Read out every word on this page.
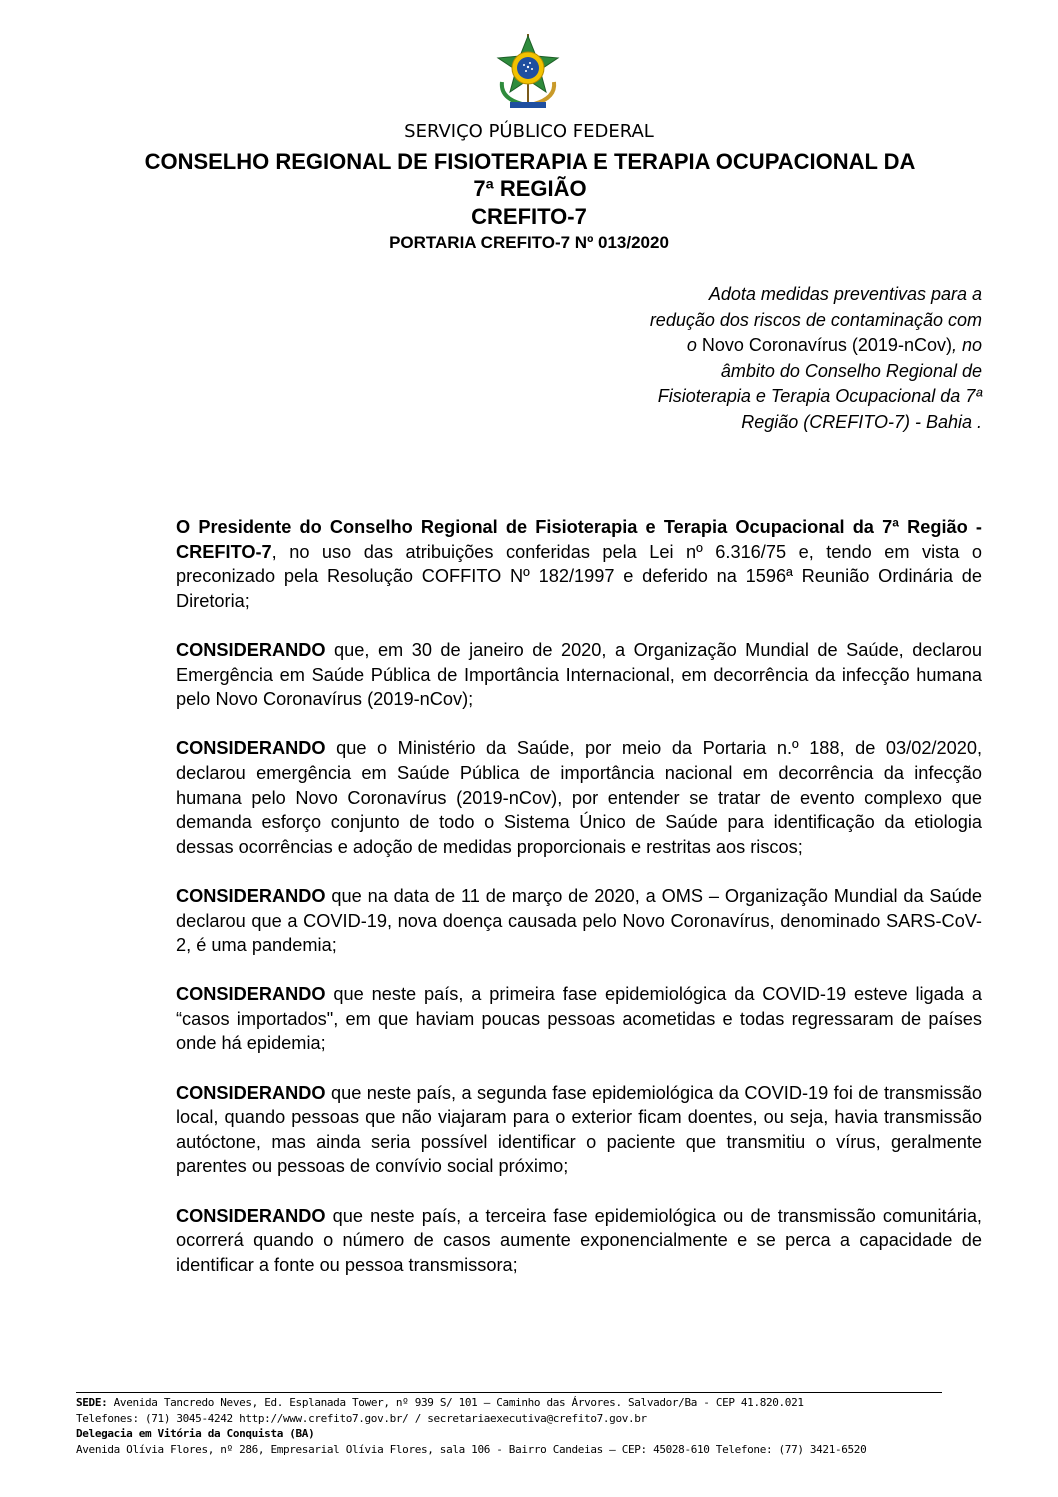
SERVIÇO PÚBLICO FEDERAL
CONSELHO REGIONAL DE FISIOTERAPIA E TERAPIA OCUPACIONAL DA
7ª REGIÃO
CREFITO-7
PORTARIA CREFITO-7 Nº 013/2020
Adota medidas preventivas para a
redução dos riscos de contaminação com
o Novo Coronavírus (2019-nCov), no
âmbito do Conselho Regional de
Fisioterapia e Terapia Ocupacional da 7ª
Região (CREFITO-7) - Bahia .

O Presidente do Conselho Regional de Fisioterapia e Terapia Ocupacional da 7ª Região - CREFITO-7, no uso das atribuições conferidas pela Lei nº 6.316/75 e, tendo em vista o preconizado pela Resolução COFFITO Nº 182/1997 e deferido na 1596ª Reunião Ordinária de Diretoria;

CONSIDERANDO que, em 30 de janeiro de 2020, a Organização Mundial de Saúde, declarou Emergência em Saúde Pública de Importância Internacional, em decorrência da infecção humana pelo Novo Coronavírus (2019-nCov);

CONSIDERANDO que o Ministério da Saúde, por meio da Portaria n.º 188, de 03/02/2020, declarou emergência em Saúde Pública de importância nacional em decorrência da infecção humana pelo Novo Coronavírus (2019-nCov), por entender se tratar de evento complexo que demanda esforço conjunto de todo o Sistema Único de Saúde para identificação da etiologia dessas ocorrências e adoção de medidas proporcionais e restritas aos riscos;

CONSIDERANDO que na data de 11 de março de 2020, a OMS – Organização Mundial da Saúde declarou que a COVID-19, nova doença causada pelo Novo Coronavírus, denominado SARS-CoV-2, é uma pandemia;

CONSIDERANDO que neste país, a primeira fase epidemiológica da COVID-19 esteve ligada a “casos importados", em que haviam poucas pessoas acometidas e todas regressaram de países onde há epidemia;

CONSIDERANDO que neste país, a segunda fase epidemiológica da COVID-19 foi de transmissão local, quando pessoas que não viajaram para o exterior ficam doentes, ou seja, havia transmissão autóctone, mas ainda seria possível identificar o paciente que transmitiu o vírus, geralmente parentes ou pessoas de convívio social próximo;

CONSIDERANDO que neste país, a terceira fase epidemiológica ou de transmissão comunitária, ocorrerá quando o número de casos aumente exponencialmente e se perca a capacidade de identificar a fonte ou pessoa transmissora;

SEDE: Avenida Tancredo Neves, Ed. Esplanada Tower, nº 939 S/ 101 – Caminho das Árvores. Salvador/Ba - CEP 41.820.021
Telefones: (71) 3045-4242 http://www.crefito7.gov.br/ / secretariaexecutiva@crefito7.gov.br
Delegacia em Vitória da Conquista (BA)
Avenida Olívia Flores, nº 286, Empresarial Olívia Flores, sala 106 - Bairro Candeias – CEP: 45028-610 Telefone: (77) 3421-6520
